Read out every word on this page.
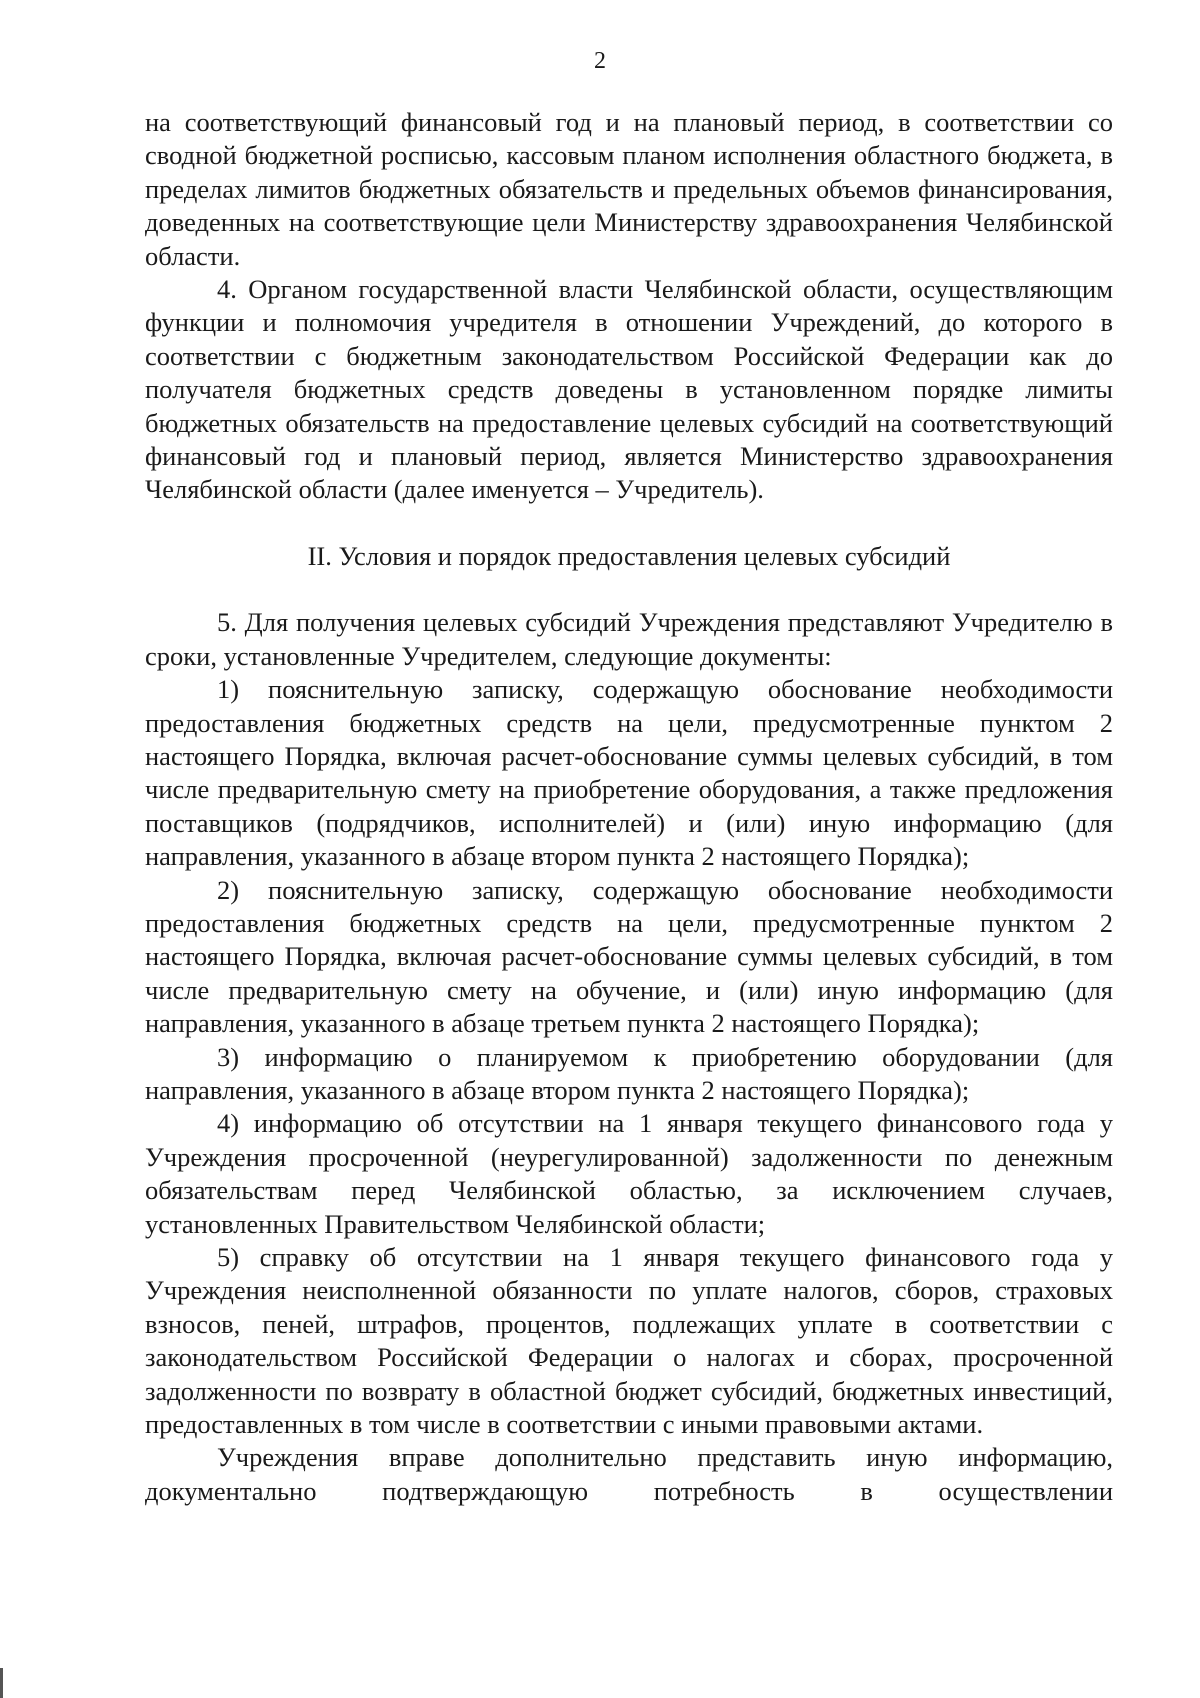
2

на соответствующий финансовый год и на плановый период, в соответствии со сводной бюджетной росписью, кассовым планом исполнения областного бюджета, в пределах лимитов бюджетных обязательств и предельных объемов финансирования, доведенных на соответствующие цели Министерству здравоохранения Челябинской области.

4. Органом государственной власти Челябинской области, осуществляющим функции и полномочия учредителя в отношении Учреждений, до которого в соответствии с бюджетным законодательством Российской Федерации как до получателя бюджетных средств доведены в установленном порядке лимиты бюджетных обязательств на предоставление целевых субсидий на соответствующий финансовый год и плановый период, является Министерство здравоохранения Челябинской области (далее именуется – Учредитель).

II. Условия и порядок предоставления целевых субсидий

5. Для получения целевых субсидий Учреждения представляют Учредителю в сроки, установленные Учредителем, следующие документы:

1) пояснительную записку, содержащую обоснование необходимости предоставления бюджетных средств на цели, предусмотренные пунктом 2 настоящего Порядка, включая расчет-обоснование суммы целевых субсидий, в том числе предварительную смету на приобретение оборудования, а также предложения поставщиков (подрядчиков, исполнителей) и (или) иную информацию (для направления, указанного в абзаце втором пункта 2 настоящего Порядка);

2) пояснительную записку, содержащую обоснование необходимости предоставления бюджетных средств на цели, предусмотренные пунктом 2 настоящего Порядка, включая расчет-обоснование суммы целевых субсидий, в том числе предварительную смету на обучение, и (или) иную информацию (для направления, указанного в абзаце третьем пункта 2 настоящего Порядка);

3) информацию о планируемом к приобретению оборудовании (для направления, указанного в абзаце втором пункта 2 настоящего Порядка);

4) информацию об отсутствии на 1 января текущего финансового года у Учреждения просроченной (неурегулированной) задолженности по денежным обязательствам перед Челябинской областью, за исключением случаев, установленных Правительством Челябинской области;

5) справку об отсутствии на 1 января текущего финансового года у Учреждения неисполненной обязанности по уплате налогов, сборов, страховых взносов, пеней, штрафов, процентов, подлежащих уплате в соответствии с законодательством Российской Федерации о налогах и сборах, просроченной задолженности по возврату в областной бюджет субсидий, бюджетных инвестиций, предоставленных в том числе в соответствии с иными правовыми актами.

Учреждения вправе дополнительно представить иную информацию, документально подтверждающую потребность в осуществлении
